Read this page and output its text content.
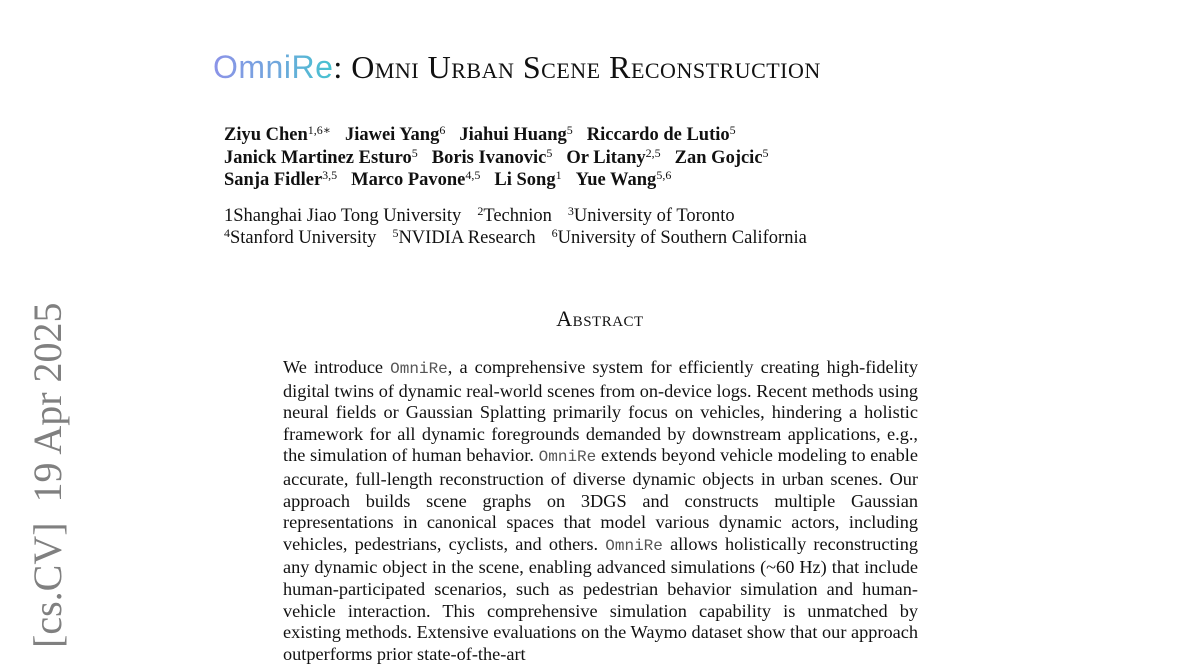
[cs.CV]  19 Apr 2025
OmniRe: Omni Urban Scene Reconstruction
Ziyu Chen$^{1,6∗}$ Jiawei Yang$^6$ Jiahui Huang$^5$ Riccardo de Lutio$^5$
Janick Martinez Esturo$^5$ Boris Ivanovic$^5$ Or Litany$^{2,5}$ Zan Gojcic$^5$
Sanja Fidler$^{3,5}$ Marco Pavone$^{4,5}$ Li Song$^1$ Yue Wang$^{5,6}$
1Shanghai Jiao Tong University $^2$Technion $^3$University of Toronto
$^4$Stanford University $^5$NVIDIA Research $^6$University of Southern California
Abstract
We introduce OmniRe, a comprehensive system for efficiently creating high-fidelity digital twins of dynamic real-world scenes from on-device logs. Recent methods using neural fields or Gaussian Splatting primarily focus on vehicles, hindering a holistic framework for all dynamic foregrounds demanded by downstream applications, e.g., the simulation of human behavior. OmniRe extends beyond vehicle modeling to enable accurate, full-length reconstruction of diverse dynamic objects in urban scenes. Our approach builds scene graphs on 3DGS and constructs multiple Gaussian representations in canonical spaces that model various dynamic actors, including vehicles, pedestrians, cyclists, and others. OmniRe allows holistically reconstructing any dynamic object in the scene, enabling advanced simulations (~60 Hz) that include human-participated scenarios, such as pedestrian behavior simulation and human-vehicle interaction. This comprehensive simulation capability is unmatched by existing methods. Extensive evaluations on the Waymo dataset show that our approach outperforms prior state-of-the-art
